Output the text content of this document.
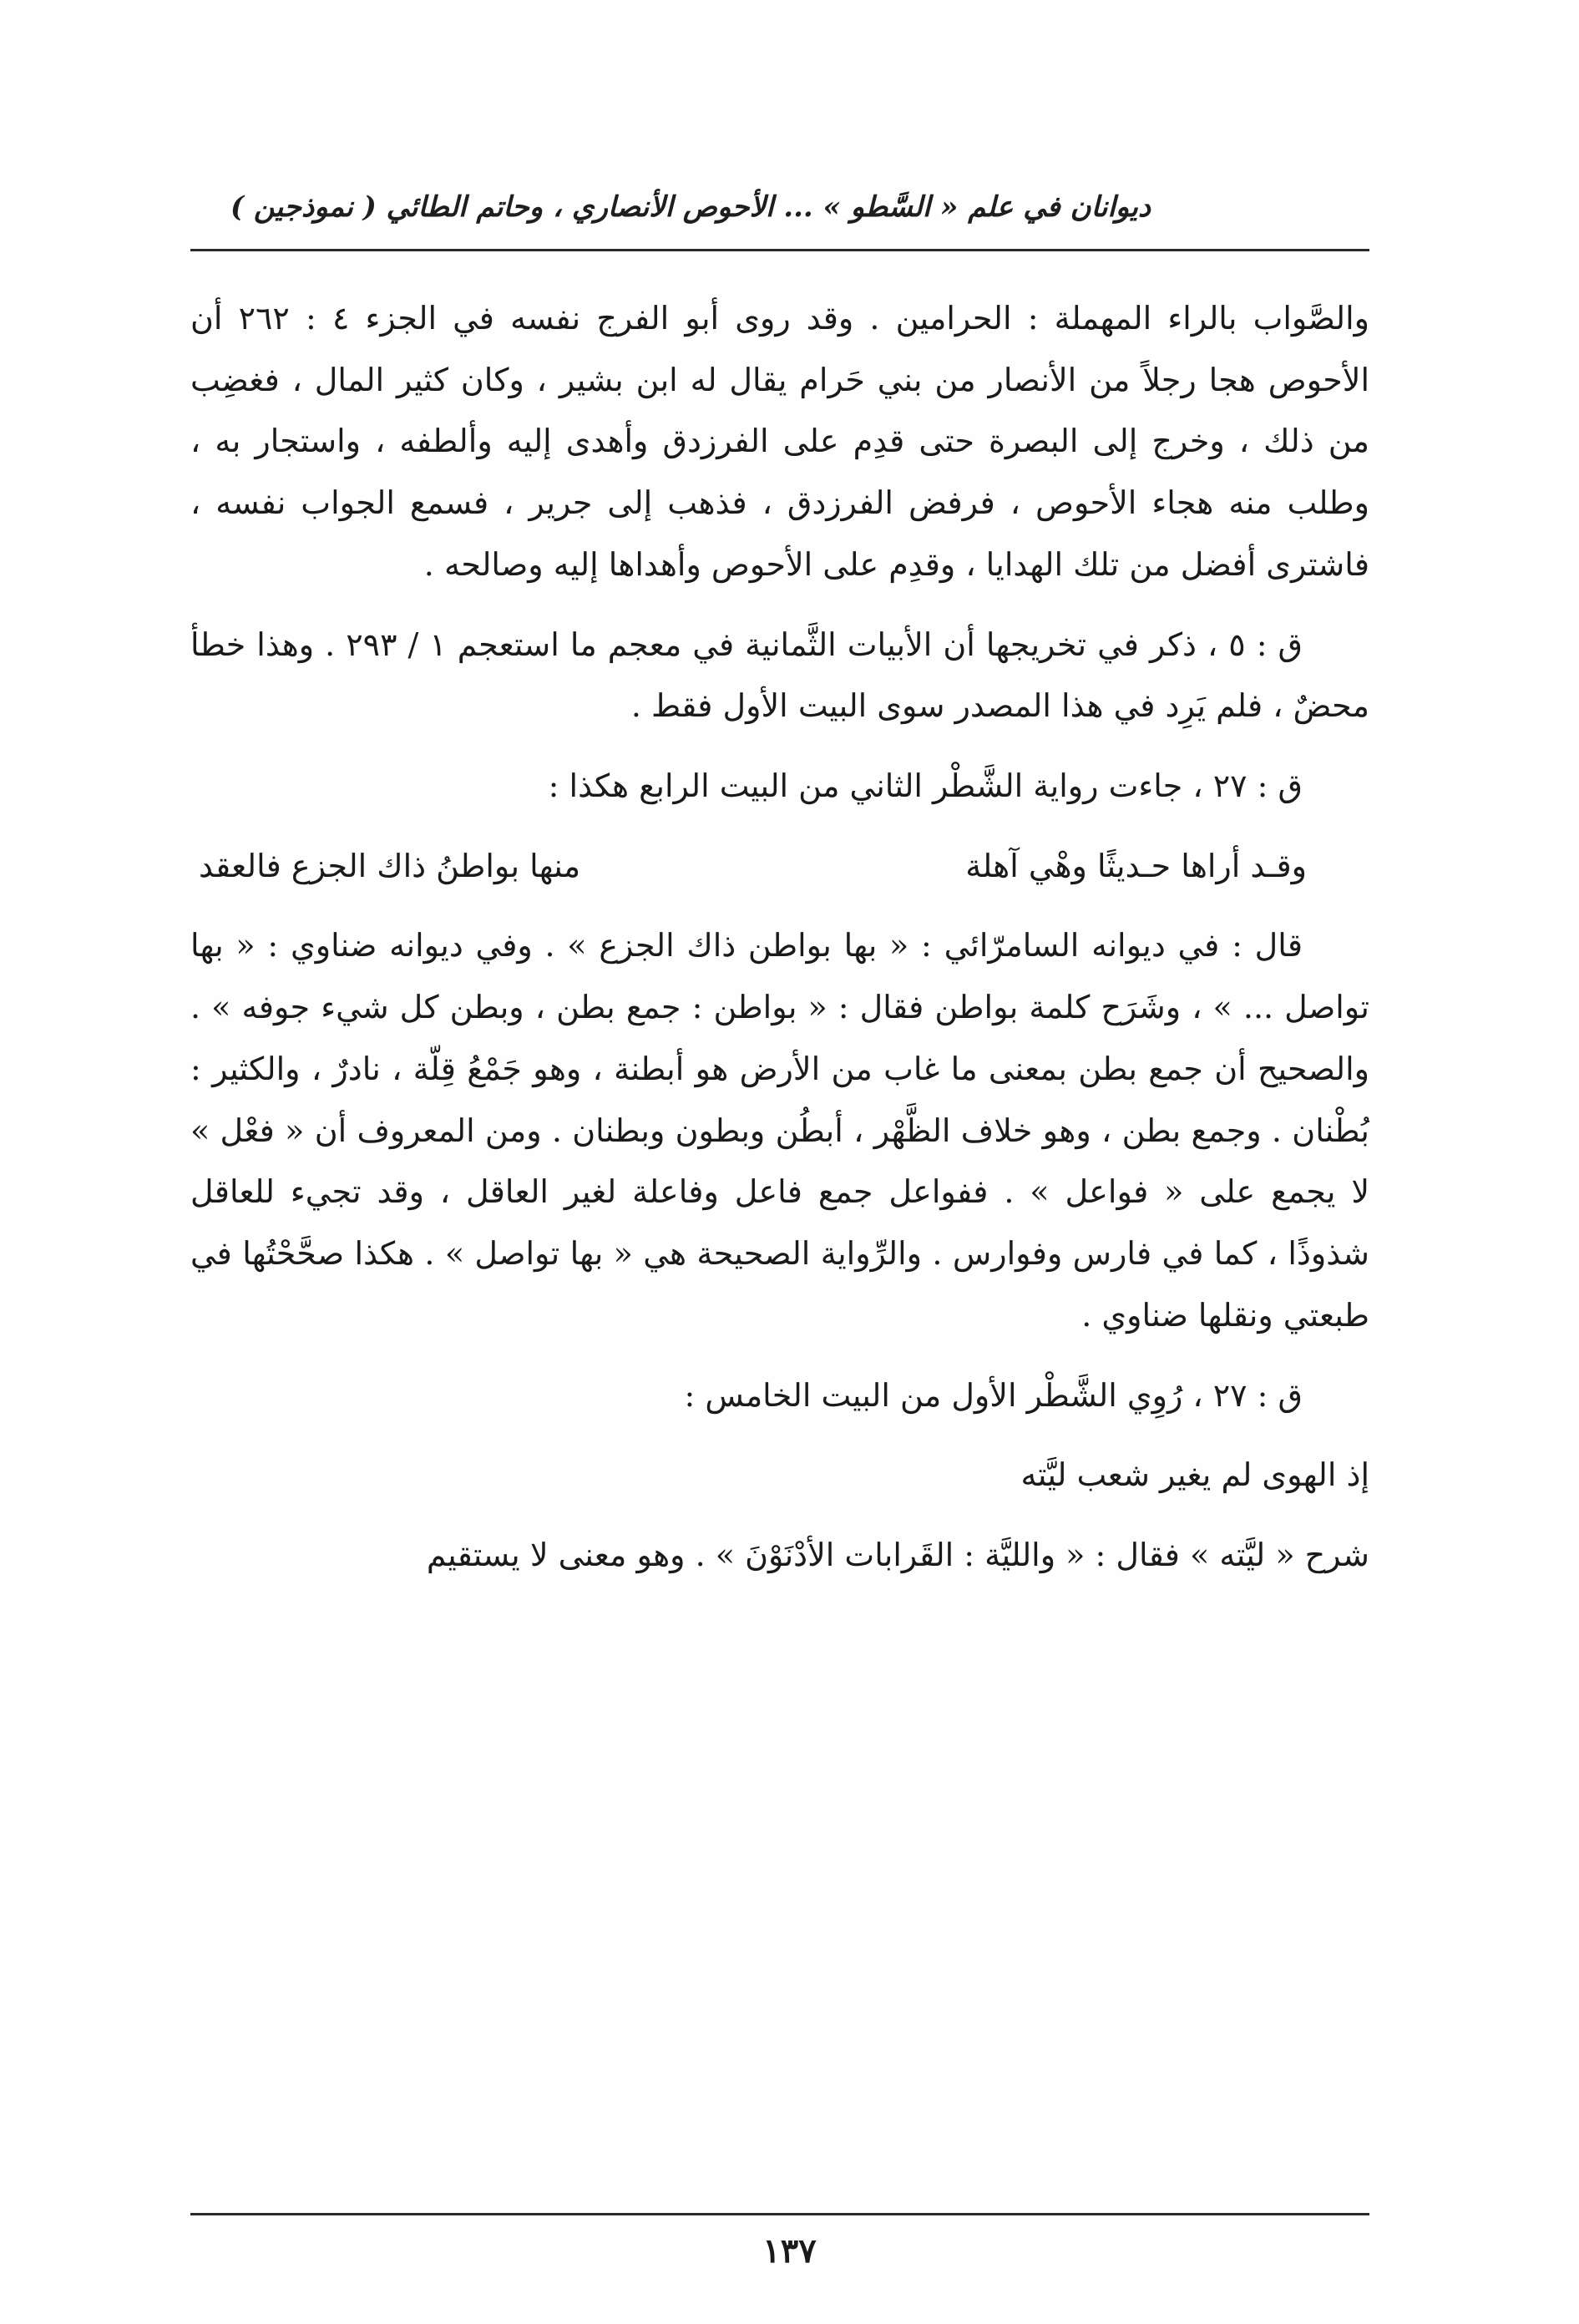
ديوانان في علم « السَّطو » ... الأحوص الأنصاري ، وحاتم الطائي ( نموذجين )

والصَّواب بالراء المهملة : الحرامين . وقد روى أبو الفرج نفسه في الجزء ٤ : ٢٦٢ أن الأحوص هجا رجلاً من الأنصار من بني حَرام يقال له ابن بشير ، وكان كثير المال ، فغضِب من ذلك ، وخرج إلى البصرة حتى قدِم على الفرزدق وأهدى إليه وألطفه ، واستجار به ، وطلب منه هجاء الأحوص ، فرفض الفرزدق ، فذهب إلى جرير ، فسمع الجواب نفسه ، فاشترى أفضل من تلك الهدايا ، وقدِم على الأحوص وأهداها إليه وصالحه .

ق : ٥ ، ذكر في تخريجها أن الأبيات الثَّمانية في معجم ما استعجم ١ / ٢٩٣ . وهذا خطأ محضٌ ، فلم يَرِد في هذا المصدر سوى البيت الأول فقط .

ق : ٢٧ ، جاءت رواية الشَّطْر الثاني من البيت الرابع هكذا :

وقـد أراها حـديثًا وهْي آهلة
منها بواطنُ ذاك الجزع فالعقد

قال : في ديوانه السامرّائي : « بها بواطن ذاك الجزع » . وفي ديوانه ضناوي : « بها تواصل ... » ، وشَرَح كلمة بواطن فقال : « بواطن : جمع بطن ، وبطن كل شيء جوفه » . والصحيح أن جمع بطن بمعنى ما غاب من الأرض هو أبطنة ، وهو جَمْعُ قِلّة ، نادرٌ ، والكثير : بُطْنان . وجمع بطن ، وهو خلاف الظَّهْر ، أبطُن وبطون وبطنان . ومن المعروف أن « فعْل » لا يجمع على « فواعل » . ففواعل جمع فاعل وفاعلة لغير العاقل ، وقد تجيء للعاقل شذوذًا ، كما في فارس وفوارس . والرِّواية الصحيحة هي « بها تواصل » . هكذا صحَّحْتُها في طبعتي ونقلها ضناوي .

ق : ٢٧ ، رُوِي الشَّطْر الأول من البيت الخامس :

إذ الهوى لم يغير شعب ليَّته

شرح « ليَّته » فقال : « والليَّة : القَرابات الأدْنَوْنَ » . وهو معنى لا يستقيم

١٣٧
